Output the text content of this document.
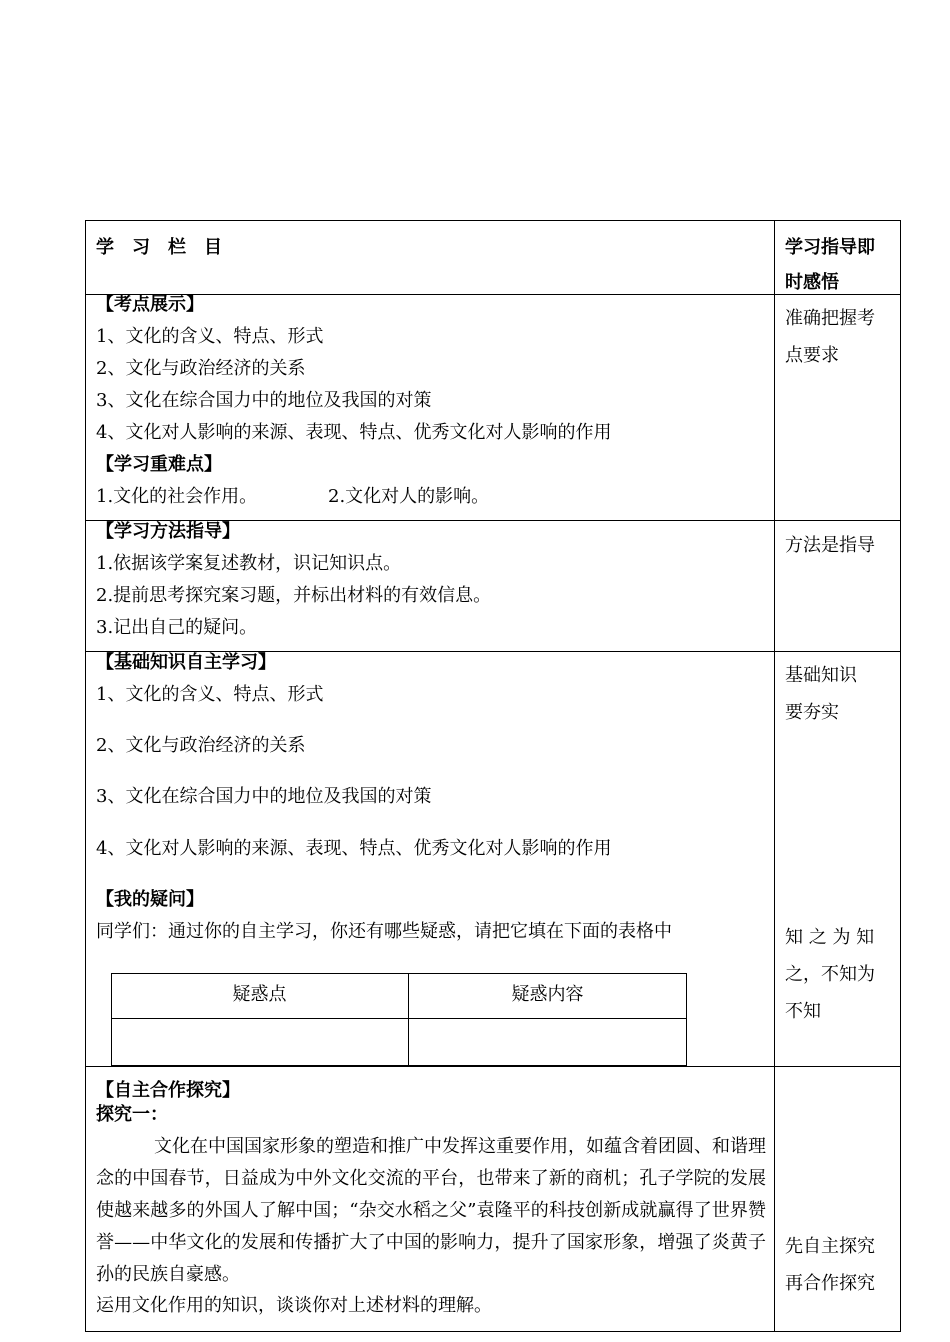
学　习　栏　目	学习指导即
时感悟
【考点展示】
1、文化的含义、特点、形式
2、文化与政治经济的关系
3、文化在综合国力中的地位及我国的对策
4、文化对人影响的来源、表现、特点、优秀文化对人影响的作用
【学习重难点】
1.文化的社会作用。	2.文化对人的影响。
准确把握考
点要求
【学习方法指导】
1.依据该学案复述教材，识记知识点。
2.提前思考探究案习题，并标出材料的有效信息。
3.记出自己的疑问。
方法是指导
【基础知识自主学习】
1、文化的含义、特点、形式
2、文化与政治经济的关系
3、文化在综合国力中的地位及我国的对策
4、文化对人影响的来源、表现、特点、优秀文化对人影响的作用
【我的疑问】
同学们：通过你的自主学习，你还有哪些疑惑，请把它填在下面的表格中
疑惑点	疑惑内容
基础知识
要夯实
知 之 为 知
之，不知为
不知
【自主合作探究】
探究一：
文化在中国国家形象的塑造和推广中发挥这重要作用，如蕴含着团圆、和谐理念的中国春节，日益成为中外文化交流的平台，也带来了新的商机；孔子学院的发展使越来越多的外国人了解中国；“杂交水稻之父”袁隆平的科技创新成就赢得了世界赞誉——中华文化的发展和传播扩大了中国的影响力，提升了国家形象，增强了炎黄子孙的民族自豪感。
运用文化作用的知识，谈谈你对上述材料的理解。
先自主探究
再合作探究
